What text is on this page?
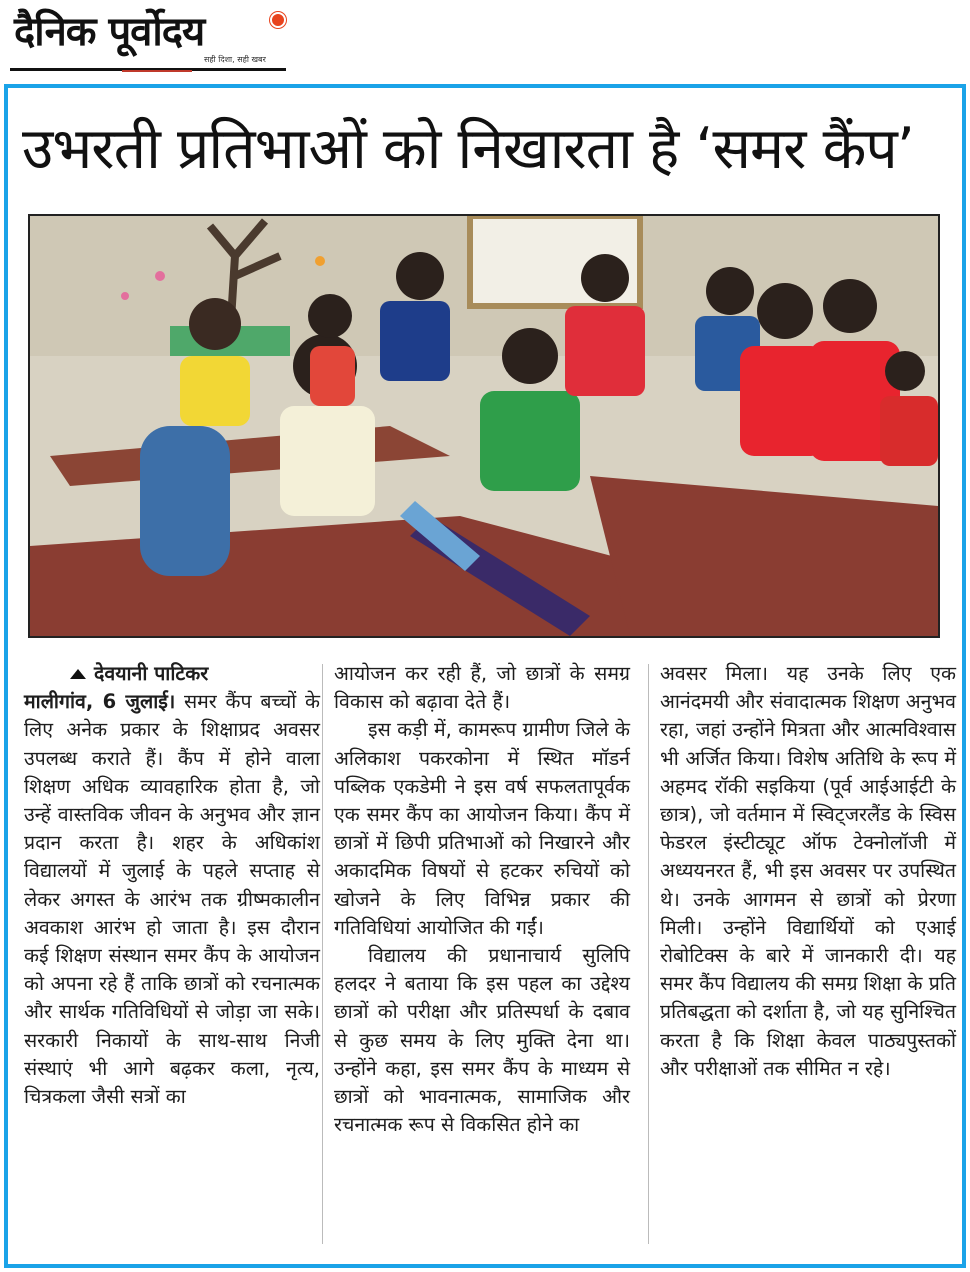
दैनिक पूर्वोदय
सही दिशा, सही खबर
उभरती प्रतिभाओं को निखारता है ‘समर कैंप’

देवयानी पाटिकर

मालीगांव, 6 जुलाई। समर कैंप बच्चों के लिए अनेक प्रकार के शिक्षाप्रद अवसर उपलब्ध कराते हैं। कैंप में होने वाला शिक्षण अधिक व्यावहारिक होता है, जो उन्हें वास्तविक जीवन के अनुभव और ज्ञान प्रदान करता है। शहर के अधिकांश विद्यालयों में जुलाई के पहले सप्ताह से लेकर अगस्त के आरंभ तक ग्रीष्मकालीन अवकाश आरंभ हो जाता है। इस दौरान कई शिक्षण संस्थान समर कैंप के आयोजन को अपना रहे हैं ताकि छात्रों को रचनात्मक और सार्थक गतिविधियों से जोड़ा जा सके। सरकारी निकायों के साथ-साथ निजी संस्थाएं भी आगे बढ़कर कला, नृत्य, चित्रकला जैसी सत्रों का

आयोजन कर रही हैं, जो छात्रों के समग्र विकास को बढ़ावा देते हैं।

इस कड़ी में, कामरूप ग्रामीण जिले के अलिकाश पकरकोना में स्थित मॉडर्न पब्लिक एकडेमी ने इस वर्ष सफलतापूर्वक एक समर कैंप का आयोजन किया। कैंप में छात्रों में छिपी प्रतिभाओं को निखारने और अकादमिक विषयों से हटकर रुचियों को खोजने के लिए विभिन्न प्रकार की गतिविधियां आयोजित की गईं।

विद्यालय की प्रधानाचार्य सुलिपि हलदर ने बताया कि इस पहल का उद्देश्य छात्रों को परीक्षा और प्रतिस्पर्धा के दबाव से कुछ समय के लिए मुक्ति देना था। उन्होंने कहा, इस समर कैंप के माध्यम से छात्रों को भावनात्मक, सामाजिक और रचनात्मक रूप से विकसित होने का

अवसर मिला। यह उनके लिए एक आनंदमयी और संवादात्मक शिक्षण अनुभव रहा, जहां उन्होंने मित्रता और आत्मविश्वास भी अर्जित किया। विशेष अतिथि के रूप में अहमद रॉकी सइकिया (पूर्व आईआईटी के छात्र), जो वर्तमान में स्विट्जरलैंड के स्विस फेडरल इंस्टीट्यूट ऑफ टेक्नोलॉजी में अध्ययनरत हैं, भी इस अवसर पर उपस्थित थे। उनके आगमन से छात्रों को प्रेरणा मिली। उन्होंने विद्यार्थियों को एआई रोबोटिक्स के बारे में जानकारी दी। यह समर कैंप विद्यालय की समग्र शिक्षा के प्रति प्रतिबद्धता को दर्शाता है, जो यह सुनिश्चित करता है कि शिक्षा केवल पाठ्यपुस्तकों और परीक्षाओं तक सीमित न रहे।
